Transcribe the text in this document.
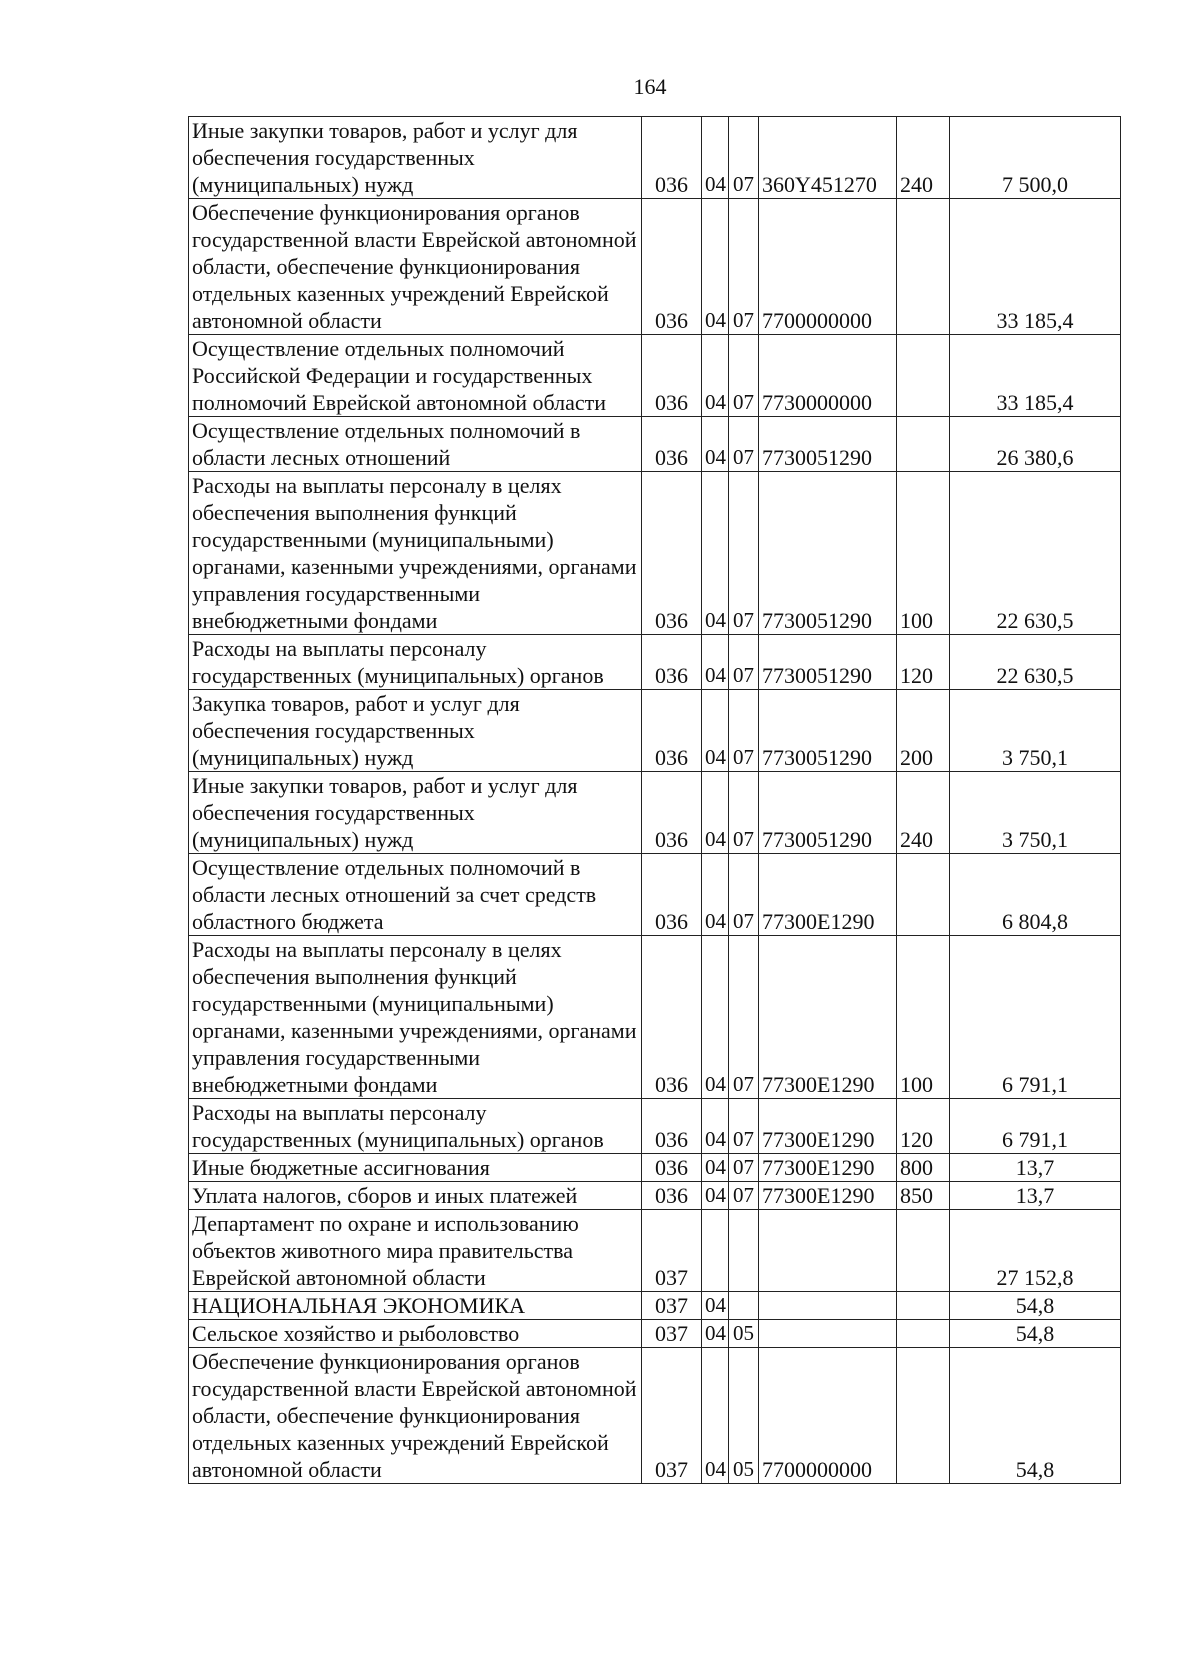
164
Иные закупки товаров, работ и услуг для обеспечения государственных (муниципальных) нужд	036	04	07	360Y451270	240	7 500,0
Обеспечение функционирования органов государственной власти Еврейской автономной области, обеспечение функционирования отдельных казенных учреждений Еврейской автономной области	036	04	07	7700000000		33 185,4
Осуществление отдельных полномочий Российской Федерации и государственных полномочий Еврейской автономной области	036	04	07	7730000000		33 185,4
Осуществление отдельных полномочий в области лесных отношений	036	04	07	7730051290		26 380,6
Расходы на выплаты персоналу в целях обеспечения выполнения функций государственными (муниципальными) органами, казенными учреждениями, органами управления государственными внебюджетными фондами	036	04	07	7730051290	100	22 630,5
Расходы на выплаты персоналу государственных (муниципальных) органов	036	04	07	7730051290	120	22 630,5
Закупка товаров, работ и услуг для обеспечения государственных (муниципальных) нужд	036	04	07	7730051290	200	3 750,1
Иные закупки товаров, работ и услуг для обеспечения государственных (муниципальных) нужд	036	04	07	7730051290	240	3 750,1
Осуществление отдельных полномочий в области лесных отношений за счет средств областного бюджета	036	04	07	77300E1290		6 804,8
Расходы на выплаты персоналу в целях обеспечения выполнения функций государственными (муниципальными) органами, казенными учреждениями, органами управления государственными внебюджетными фондами	036	04	07	77300E1290	100	6 791,1
Расходы на выплаты персоналу государственных (муниципальных) органов	036	04	07	77300E1290	120	6 791,1
Иные бюджетные ассигнования	036	04	07	77300E1290	800	13,7
Уплата налогов, сборов и иных платежей	036	04	07	77300E1290	850	13,7
Департамент по охране и использованию объектов животного мира правительства Еврейской автономной области	037					27 152,8
НАЦИОНАЛЬНАЯ ЭКОНОМИКА	037	04				54,8
Сельское хозяйство и рыболовство	037	04	05			54,8
Обеспечение функционирования органов государственной власти Еврейской автономной области, обеспечение функционирования отдельных казенных учреждений Еврейской автономной области	037	04	05	7700000000		54,8
